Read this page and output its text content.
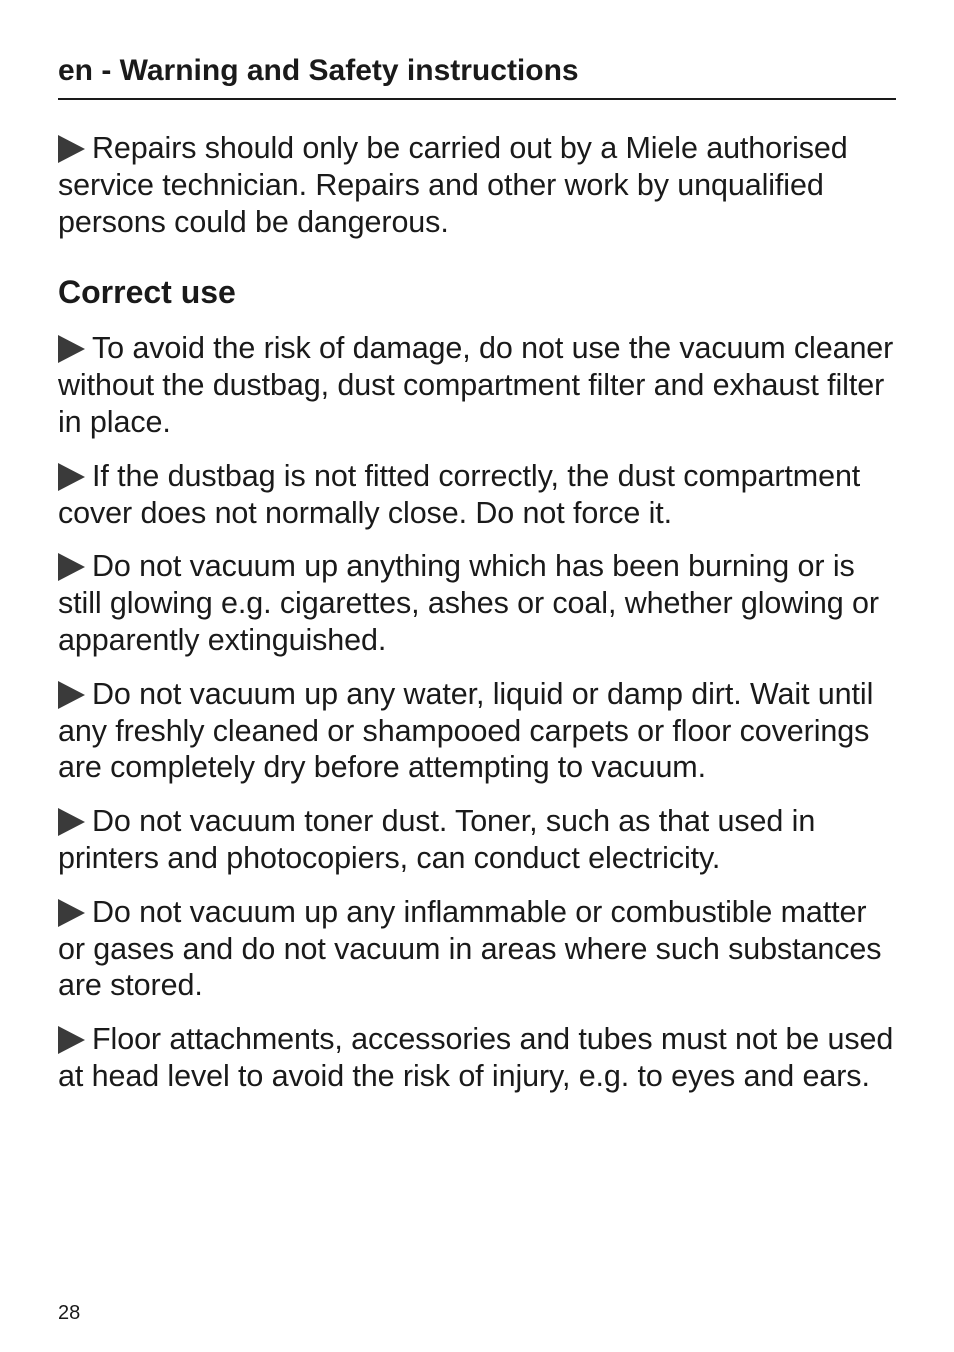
en - Warning and Safety instructions

Repairs should only be carried out by a Miele authorised service technician. Repairs and other work by unqualified persons could be dangerous.

Correct use

To avoid the risk of damage, do not use the vacuum cleaner without the dustbag, dust compartment filter and exhaust filter in place.

If the dustbag is not fitted correctly, the dust compartment cover does not normally close. Do not force it.

Do not vacuum up anything which has been burning or is still glowing e.g. cigarettes, ashes or coal, whether glowing or apparently extinguished.

Do not vacuum up any water, liquid or damp dirt. Wait until any freshly cleaned or shampooed carpets or floor coverings are completely dry before attempting to vacuum.

Do not vacuum toner dust. Toner, such as that used in printers and photocopiers, can conduct electricity.

Do not vacuum up any inflammable or combustible matter or gases and do not vacuum in areas where such substances are stored.

Floor attachments, accessories and tubes must not be used at head level to avoid the risk of injury, e.g. to eyes and ears.

28
